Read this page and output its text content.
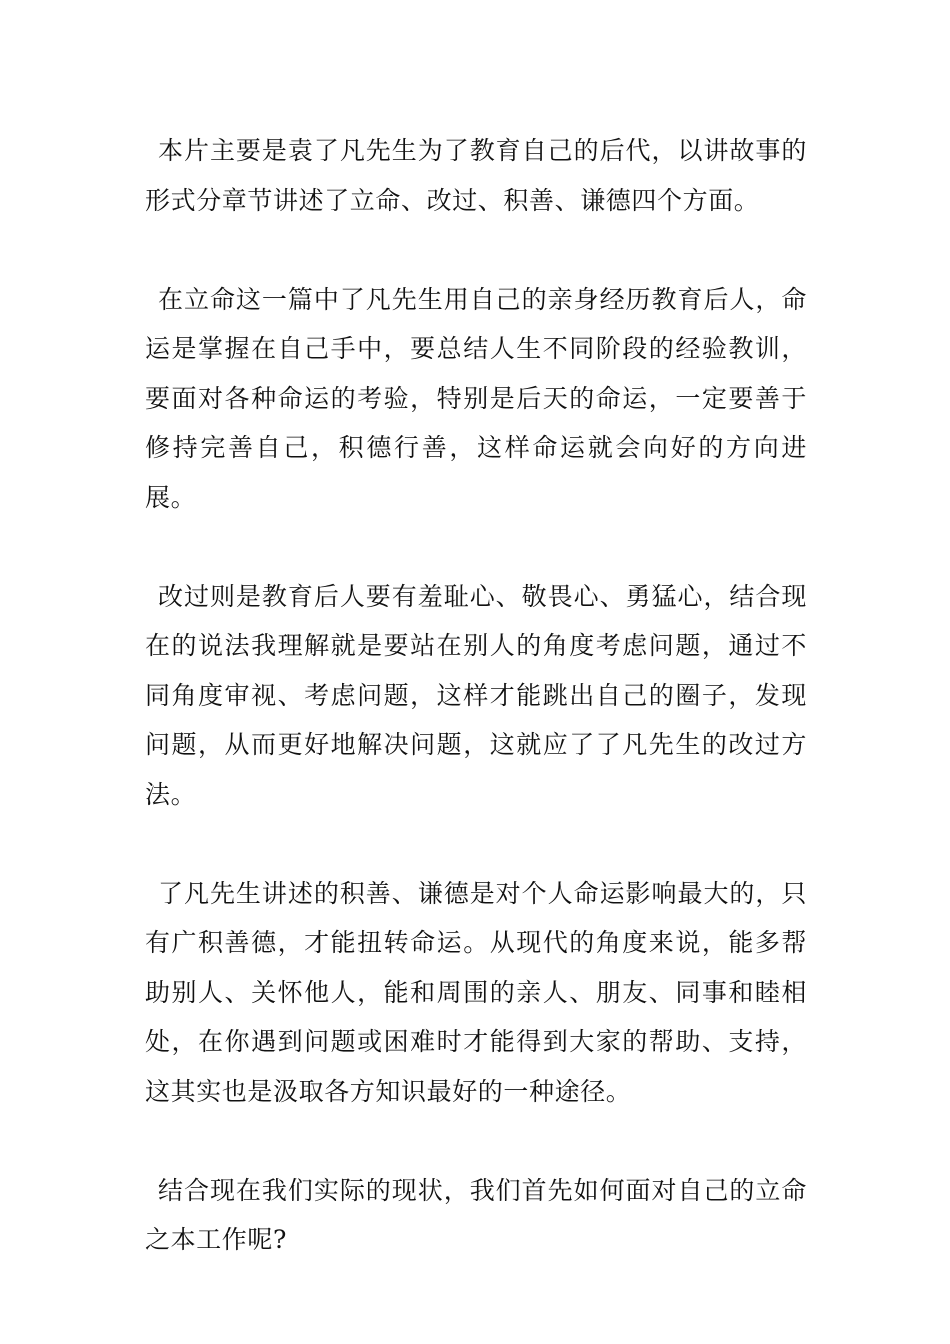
本片主要是袁了凡先生为了教育自己的后代，以讲故事的形式分章节讲述了立命、改过、积善、谦德四个方面。

在立命这一篇中了凡先生用自己的亲身经历教育后人，命运是掌握在自己手中，要总结人生不同阶段的经验教训，要面对各种命运的考验，特别是后天的命运，一定要善于修持完善自己，积德行善，这样命运就会向好的方向进展。

改过则是教育后人要有羞耻心、敬畏心、勇猛心，结合现在的说法我理解就是要站在别人的角度考虑问题，通过不同角度审视、考虑问题，这样才能跳出自己的圈子，发现问题，从而更好地解决问题，这就应了了凡先生的改过方法。

了凡先生讲述的积善、谦德是对个人命运影响最大的，只有广积善德，才能扭转命运。从现代的角度来说，能多帮助别人、关怀他人，能和周围的亲人、朋友、同事和睦相处，在你遇到问题或困难时才能得到大家的帮助、支持，这其实也是汲取各方知识最好的一种途径。

结合现在我们实际的现状，我们首先如何面对自己的立命之本工作呢?
